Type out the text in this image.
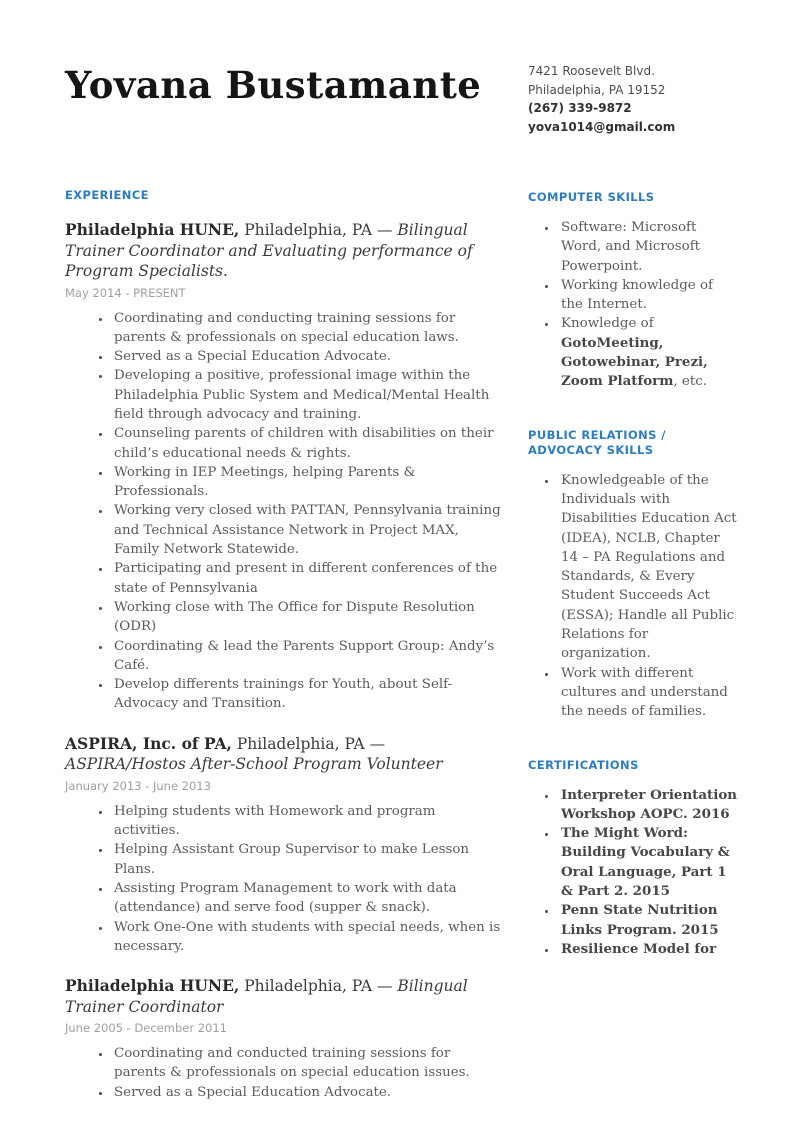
Yovana Bustamante
EXPERIENCE
Philadelphia HUNE, Philadelphia, PA — Bilingual Trainer Coordinator and Evaluating performance of Program Specialists.
May 2014 - PRESENT
• Coordinating and conducting training sessions for parents & professionals on special education laws.
• Served as a Special Education Advocate.
• Developing a positive, professional image within the Philadelphia Public System and Medical/Mental Health field through advocacy and training.
• Counseling parents of children with disabilities on their child’s educational needs & rights.
• Working in IEP Meetings, helping Parents & Professionals.
• Working very closed with PATTAN, Pennsylvania training and Technical Assistance Network in Project MAX, Family Network Statewide.
• Participating and present in different conferences of the state of Pennsylvania
• Working close with The Office for Dispute Resolution (ODR)
• Coordinating & lead the Parents Support Group: Andy’s Café.
• Develop differents trainings for Youth, about Self-Advocacy and Transition.
ASPIRA, Inc. of PA, Philadelphia, PA — ASPIRA/Hostos After-School Program Volunteer
January 2013 - June 2013
• Helping students with Homework and program activities.
• Helping Assistant Group Supervisor to make Lesson Plans.
• Assisting Program Management to work with data (attendance) and serve food (supper & snack).
• Work One-One with students with special needs, when is necessary.
Philadelphia HUNE, Philadelphia, PA — Bilingual Trainer Coordinator
June 2005 - December 2011
• Coordinating and conducted training sessions for parents & professionals on special education issues.
• Served as a Special Education Advocate.
7421 Roosevelt Blvd.
Philadelphia, PA 19152
(267) 339-9872
yova1014@gmail.com
COMPUTER SKILLS
• Software: Microsoft Word, and Microsoft Powerpoint.
• Working knowledge of the Internet.
• Knowledge of GotoMeeting, Gotowebinar, Prezi, Zoom Platform, etc.
PUBLIC RELATIONS / ADVOCACY SKILLS
• Knowledgeable of the Individuals with Disabilities Education Act (IDEA), NCLB, Chapter 14 – PA Regulations and Standards, & Every Student Succeeds Act (ESSA); Handle all Public Relations for organization.
• Work with different cultures and understand the needs of families.
CERTIFICATIONS
• Interpreter Orientation Workshop AOPC. 2016
• The Might Word: Building Vocabulary & Oral Language, Part 1 & Part 2. 2015
• Penn State Nutrition Links Program. 2015
• Resilience Model for
